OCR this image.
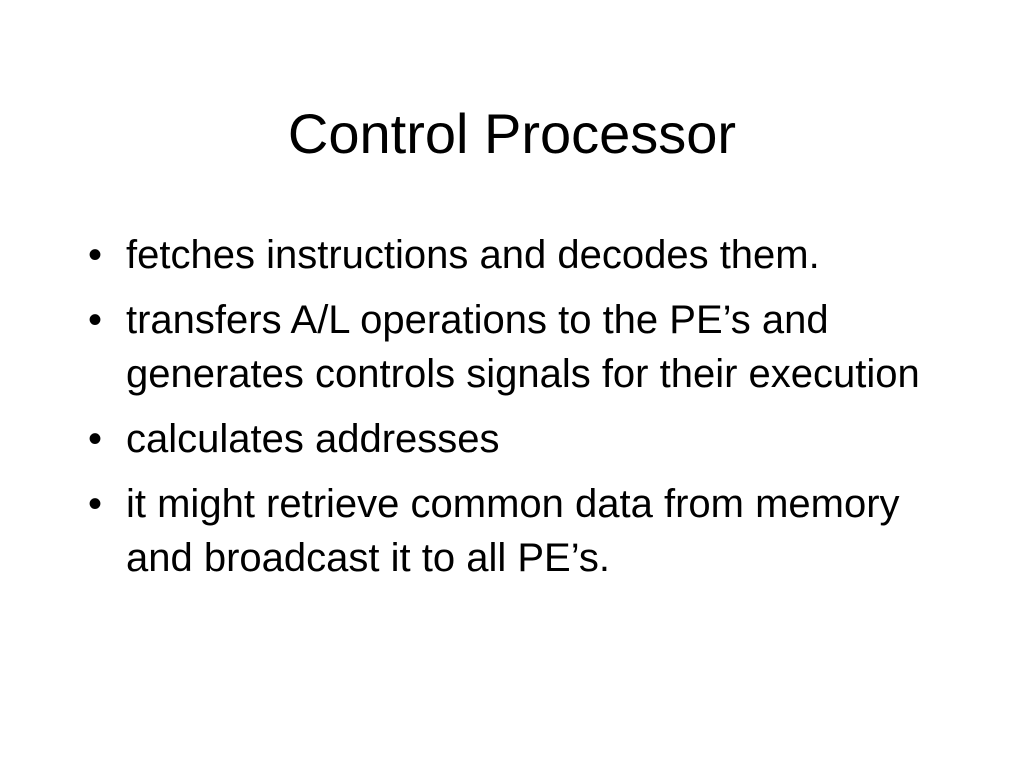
Control Processor
• fetches instructions and decodes them.
• transfers A/L operations to the PE’s and generates controls signals for their execution
• calculates addresses
• it might retrieve common data from memory and broadcast it to all PE’s.
